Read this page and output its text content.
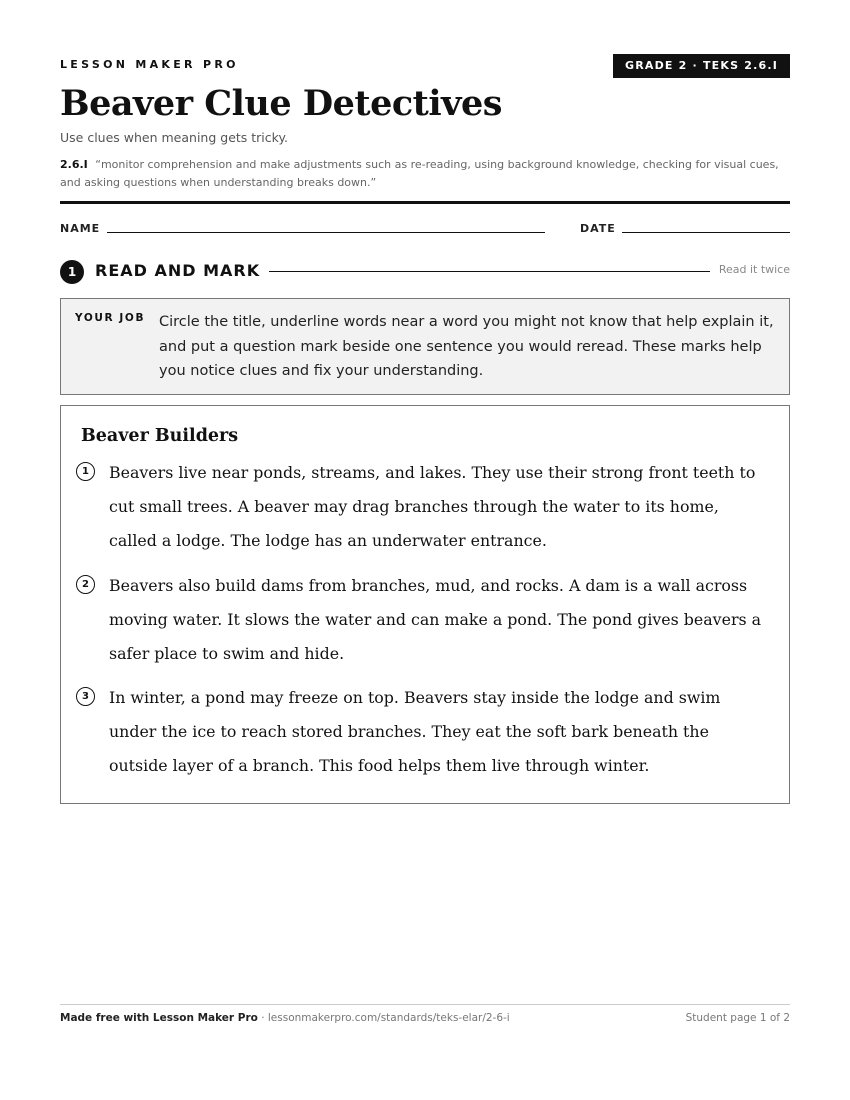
LESSON MAKER PRO	GRADE 2 · TEKS 2.6.I
Beaver Clue Detectives
Use clues when meaning gets tricky.
2.6.I “monitor comprehension and make adjustments such as re-reading, using background knowledge, checking for visual cues, and asking questions when understanding breaks down.”
NAME	DATE
1	READ AND MARK	Read it twice
YOUR JOB Circle the title, underline words near a word you might not know that help explain it, and put a question mark beside one sentence you would reread. These marks help you notice clues and fix your understanding.
Beaver Builders
1	Beavers live near ponds, streams, and lakes. They use their strong front teeth to cut small trees. A beaver may drag branches through the water to its home, called a lodge. The lodge has an underwater entrance.
2	Beavers also build dams from branches, mud, and rocks. A dam is a wall across moving water. It slows the water and can make a pond. The pond gives beavers a safer place to swim and hide.
3	In winter, a pond may freeze on top. Beavers stay inside the lodge and swim under the ice to reach stored branches. They eat the soft bark beneath the outside layer of a branch. This food helps them live through winter.
Made free with Lesson Maker Pro · lessonmakerpro.com/standards/teks-elar/2-6-i	Student page 1 of 2
